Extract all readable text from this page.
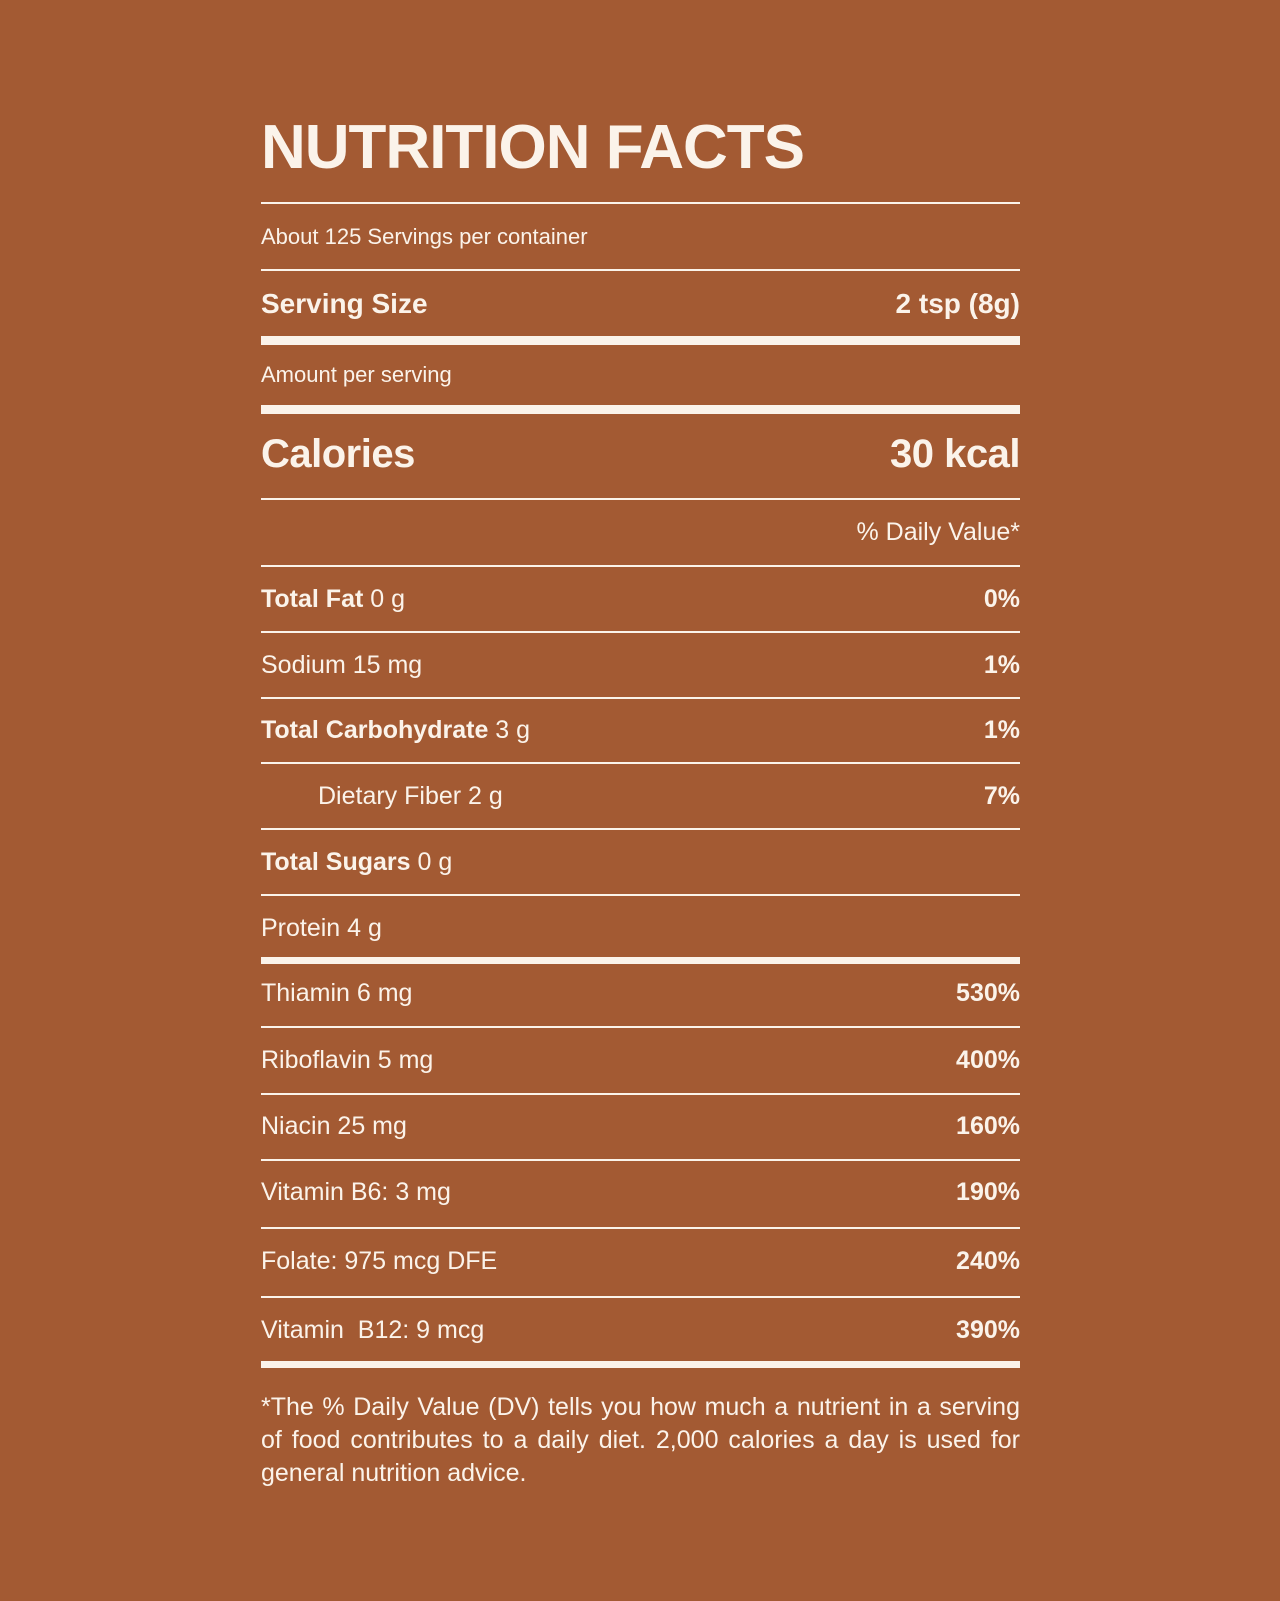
NUTRITION FACTS
About 125 Servings per container
Serving Size	2 tsp (8g)
Amount per serving
Calories	30 kcal
% Daily Value*
Total Fat 0 g	0%
Sodium 15 mg	1%
Total Carbohydrate 3 g	1%
Dietary Fiber 2 g	7%
Total Sugars 0 g
Protein 4 g
Thiamin 6 mg	530%
Riboflavin 5 mg	400%
Niacin 25 mg	160%
Vitamin B6: 3 mg	190%
Folate: 975 mcg DFE	240%
Vitamin  B12: 9 mcg	390%
*The % Daily Value (DV) tells you how much a nutrient in a serving of food contributes to a daily diet. 2,000 calories a day is used for general nutrition advice.
